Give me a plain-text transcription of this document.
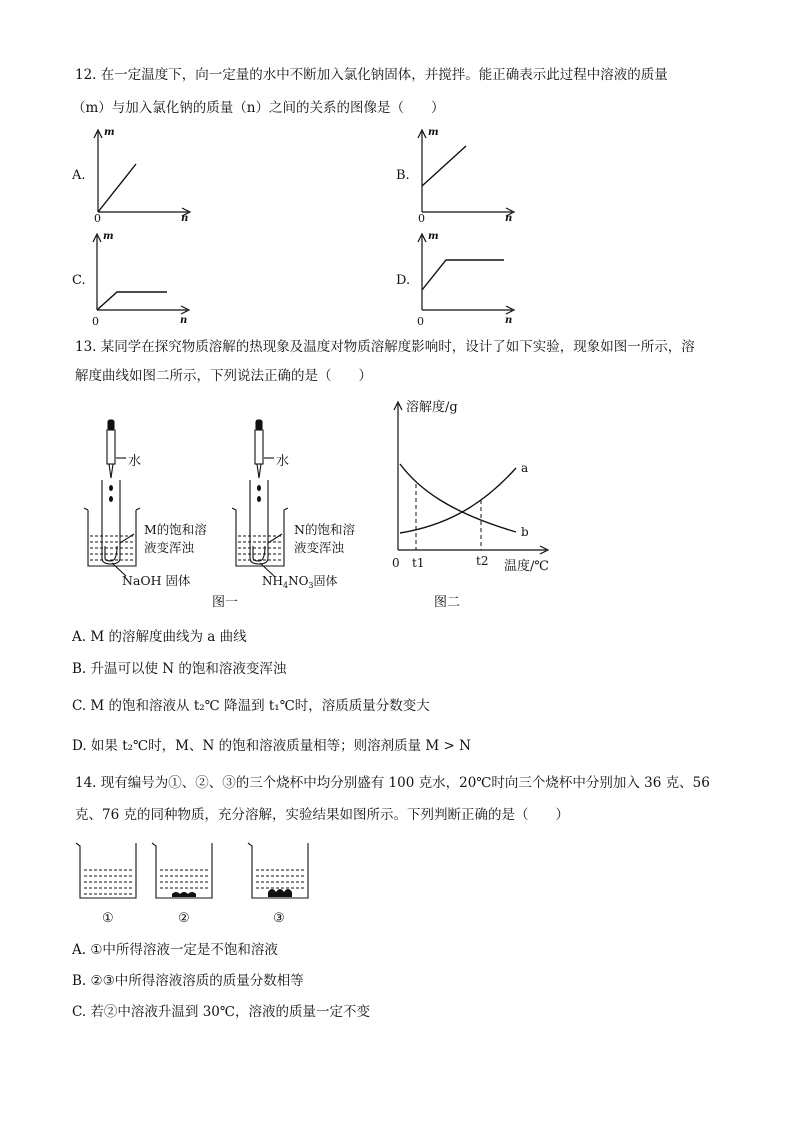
12. 在一定温度下，向一定量的水中不断加入氯化钠固体，并搅拌。能正确表示此过程中溶液的质量
（m）与加入氯化钠的质量（n）之间的关系的图像是（　　）
A.	B.
C.	D.
m
n
0
m
n
0
m
n
0
m
n
0
13. 某同学在探究物质溶解的热现象及温度对物质溶解度影响时，设计了如下实验，现象如图一所示，溶
解度曲线如图二所示，下列说法正确的是（　　）
水	水
M的饱和溶
液变浑浊
NaOH 固体
N的饱和溶
液变浑浊
$NH_4NO_3$固体
图一
溶解度/g
温度/℃
0 t1	t2
a
b
图二
A. M 的溶解度曲线为 a 曲线
B. 升温可以使 N 的饱和溶液变浑浊
C. M 的饱和溶液从 t₂℃ 降温到 t₁℃时，溶质质量分数变大
D. 如果 t₂℃时，M、N 的饱和溶液质量相等；则溶剂质量 M > N
14. 现有编号为①、②、③的三个烧杯中均分别盛有 100 克水，20℃时向三个烧杯中分别加入 36 克、56
克、76 克的同种物质，充分溶解，实验结果如图所示。下列判断正确的是（　　）
①	②	③
A. ①中所得溶液一定是不饱和溶液
B. ②③中所得溶液溶质的质量分数相等
C. 若②中溶液升温到 30℃，溶液的质量一定不变
